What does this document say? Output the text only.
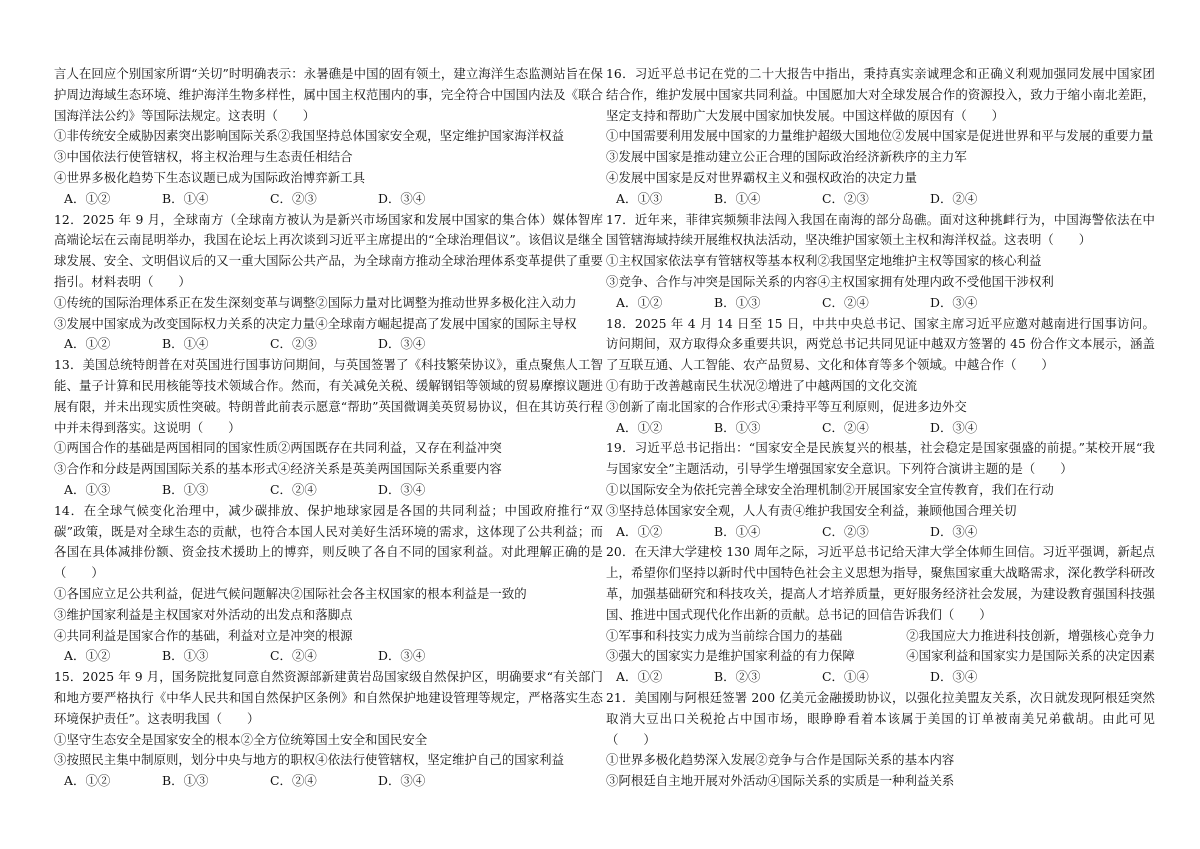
言人在回应个别国家所谓“关切”时明确表示：永暑礁是中国的固有领土，建立海洋生态监测站旨在保护周边海域生态环境、维护海洋生物多样性，属中国主权范围内的事，完全符合中国国内法及《联合国海洋法公约》等国际法规定。这表明（　　）

①非传统安全威胁因素突出影响国际关系②我国坚持总体国家安全观，坚定维护国家海洋权益

③中国依法行使管辖权，将主权治理与生态责任相结合

④世界多极化趋势下生态议题已成为国际政治博弈新工具

A．①②	B．①④	C．②③	D．③④

12．2025 年 9 月，全球南方（全球南方被认为是新兴市场国家和发展中国家的集合体）媒体智库高端论坛在云南昆明举办，我国在论坛上再次谈到习近平主席提出的“全球治理倡议”。该倡议是继全球发展、安全、文明倡议后的又一重大国际公共产品，为全球南方推动全球治理体系变革提供了重要指引。材料表明（　　）

①传统的国际治理体系正在发生深刻变革与调整②国际力量对比调整为推动世界多极化注入动力

③发展中国家成为改变国际权力关系的决定力量④全球南方崛起提高了发展中国家的国际主导权

A．①②	B．①④	C．②③	D．③④

13．美国总统特朗普在对英国进行国事访问期间，与英国签署了《科技繁荣协议》，重点聚焦人工智能、量子计算和民用核能等技术领域合作。然而，有关减免关税、缓解钢铝等领域的贸易摩擦议题进展有限，并未出现实质性突破。特朗普此前表示愿意“帮助”英国微调美英贸易协议，但在其访英行程中并未得到落实。这说明（　　）

①两国合作的基础是两国相同的国家性质②两国既存在共同利益，又存在利益冲突

③合作和分歧是两国国际关系的基本形式④经济关系是英美两国国际关系重要内容

A．①③	B．①③	C．②④	D．③④

14．在全球气候变化治理中，减少碳排放、保护地球家园是各国的共同利益；中国政府推行“双碳”政策，既是对全球生态的贡献，也符合本国人民对美好生活环境的需求，这体现了公共利益；而各国在具体减排份额、资金技术援助上的博弈，则反映了各自不同的国家利益。对此理解正确的是（　　）

①各国应立足公共利益，促进气候问题解决②国际社会各主权国家的根本利益是一致的

③维护国家利益是主权国家对外活动的出发点和落脚点

④共同利益是国家合作的基础，利益对立是冲突的根源

A．①②	B．①③	C．②④	D．③④

15．2025 年 9 月，国务院批复同意自然资源部新建黄岩岛国家级自然保护区，明确要求“有关部门和地方要严格执行《中华人民共和国自然保护区条例》和自然保护地建设管理等规定，严格落实生态环境保护责任”。这表明我国（　　）

①坚守生态安全是国家安全的根本②全方位统筹国土安全和国民安全

③按照民主集中制原则，划分中央与地方的职权④依法行使管辖权，坚定维护自己的国家利益

A．①②	B．①③	C．②④	D．③④

16．习近平总书记在党的二十大报告中指出，秉持真实亲诚理念和正确义利观加强同发展中国家团结合作，维护发展中国家共同利益。中国愿加大对全球发展合作的资源投入，致力于缩小南北差距，坚定支持和帮助广大发展中国家加快发展。中国这样做的原因有（　　）

①中国需要利用发展中国家的力量维护超级大国地位②发展中国家是促进世界和平与发展的重要力量

③发展中国家是推动建立公正合理的国际政治经济新秩序的主力军

④发展中国家是反对世界霸权主义和强权政治的决定力量

A．①③	B．①④	C．②③	D．②④

17．近年来，菲律宾频频非法闯入我国在南海的部分岛礁。面对这种挑衅行为，中国海警依法在中国管辖海域持续开展维权执法活动，坚决维护国家领土主权和海洋权益。这表明（　　）

①主权国家依法享有管辖权等基本权利②我国坚定地维护主权等国家的核心利益

③竞争、合作与冲突是国际关系的内容④主权国家拥有处理内政不受他国干涉权利

A．①②	B．①③	C．②④	D．③④

18．2025 年 4 月 14 日至 15 日，中共中央总书记、国家主席习近平应邀对越南进行国事访问。访问期间，双方取得众多重要共识，两党总书记共同见证中越双方签署的 45 份合作文本展示，涵盖了互联互通、人工智能、农产品贸易、文化和体育等多个领域。中越合作（　　）

①有助于改善越南民生状况②增进了中越两国的文化交流

③创新了南北国家的合作形式④秉持平等互利原则，促进多边外交

A．①②	B．①③	C．②④	D．③④

19．习近平总书记指出：“国家安全是民族复兴的根基，社会稳定是国家强盛的前提。”某校开展“我与国家安全”主题活动，引导学生增强国家安全意识。下列符合演讲主题的是（　　）

①以国际安全为依托完善全球安全治理机制②开展国家安全宣传教育，我们在行动

③坚持总体国家安全观，人人有责④维护我国安全利益，兼顾他国合理关切

A．①②	B．①④	C．②③	D．③④

20．在天津大学建校 130 周年之际，习近平总书记给天津大学全体师生回信。习近平强调，新起点上，希望你们坚持以新时代中国特色社会主义思想为指导，聚焦国家重大战略需求，深化教学科研改革，加强基础研究和科技攻关，提高人才培养质量，更好服务经济社会发展，为建设教育强国科技强国、推进中国式现代化作出新的贡献。总书记的回信告诉我们（　　）

①军事和科技实力成为当前综合国力的基础	②我国应大力推进科技创新，增强核心竞争力
③强大的国家实力是维护国家利益的有力保障	④国家利益和国家实力是国际关系的决定因素
A．①②	B．②③	C．①④	D．③④

21．美国刚与阿根廷签署 200 亿美元金融援助协议，以强化拉美盟友关系，次日就发现阿根廷突然取消大豆出口关税抢占中国市场，眼睁睁看着本该属于美国的订单被南美兄弟截胡。由此可见（　　）

①世界多极化趋势深入发展②竞争与合作是国际关系的基本内容

③阿根廷自主地开展对外活动④国际关系的实质是一种利益关系
